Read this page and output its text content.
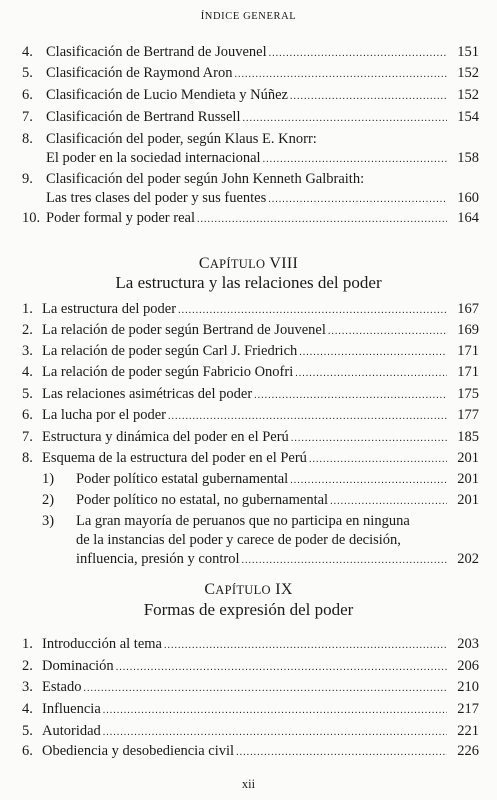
ÍNDICE GENERAL
4. Clasificación de Bertrand de Jouvenel .....	151
5. Clasificación de Raymond Aron .....	152
6. Clasificación de Lucio Mendieta y Núñez .....	152
7. Clasificación de Bertrand Russell .....	154
8. Clasificación del poder, según Klaus E. Knorr:
El poder en la sociedad internacional .....	158
9. Clasificación del poder según John Kenneth Galbraith:
Las tres clases del poder y sus fuentes .....	160
10. Poder formal y poder real .....	164
CAPÍTULO VIII
La estructura y las relaciones del poder
1. La estructura del poder .....	167
2. La relación de poder según Bertrand de Jouvenel .....	169
3. La relación de poder según Carl J. Friedrich .....	171
4. La relación de poder según Fabricio Onofri .....	171
5. Las relaciones asimétricas del poder .....	175
6. La lucha por el poder .....	177
7. Estructura y dinámica del poder en el Perú .....	185
8. Esquema de la estructura del poder en el Perú .....	201
1)	Poder político estatal gubernamental .....	201
2)	Poder político no estatal, no gubernamental .....	201
3)	La gran mayoría de peruanos que no participa en ninguna
de la instancias del poder y carece de poder de decisión,
influencia, presión y control .....	202
CAPÍTULO IX
Formas de expresión del poder
1. Introducción al tema .....	203
2. Dominación .....	206
3. Estado .....	210
4. Influencia .....	217
5. Autoridad .....	221
6. Obediencia y desobediencia civil .....	226
xii
